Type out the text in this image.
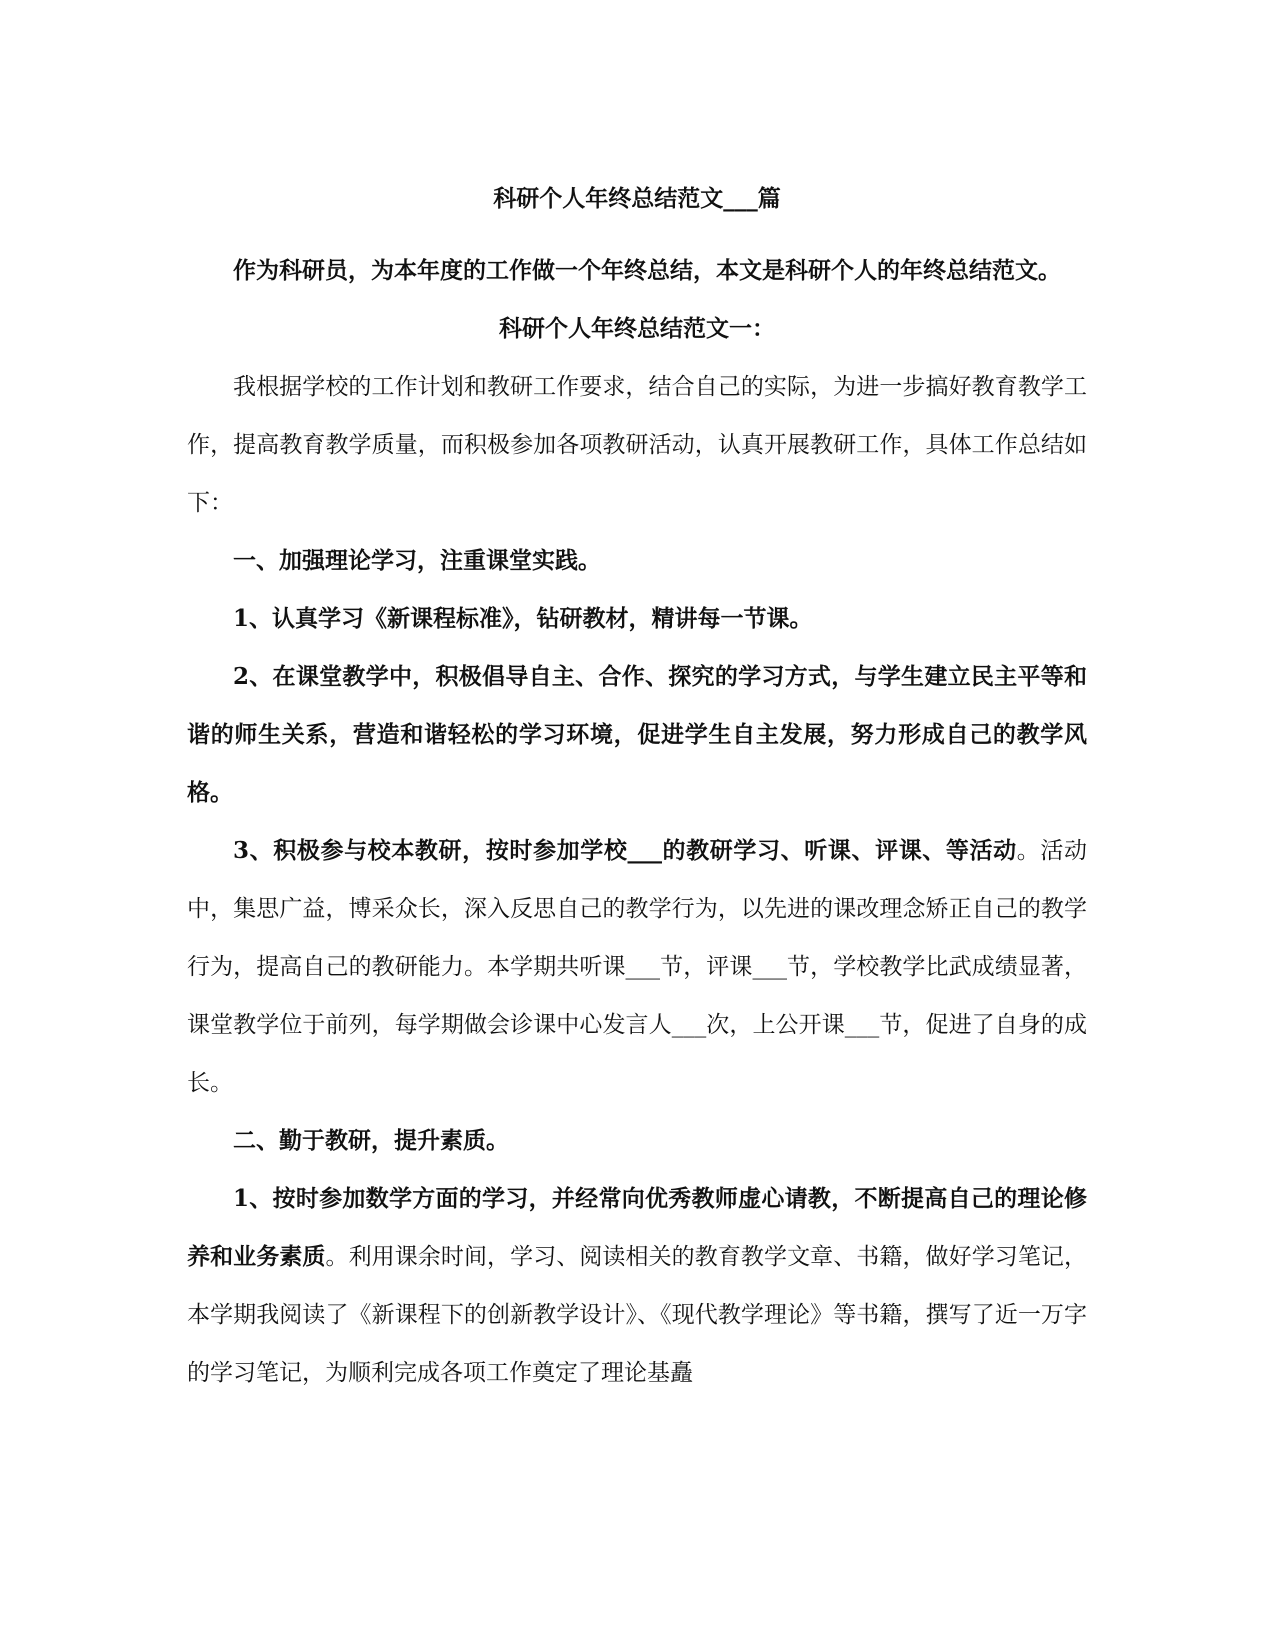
科研个人年终总结范文___篇

作为科研员，为本年度的工作做一个年终总结，本文是科研个人的年终总结范文。

科研个人年终总结范文一：

我根据学校的工作计划和教研工作要求，结合自己的实际，为进一步搞好教育教学工作，提高教育教学质量，而积极参加各项教研活动，认真开展教研工作，具体工作总结如下：

一、加强理论学习，注重课堂实践。

1、认真学习《新课程标准》，钻研教材，精讲每一节课。

2、在课堂教学中，积极倡导自主、合作、探究的学习方式，与学生建立民主平等和谐的师生关系，营造和谐轻松的学习环境，促进学生自主发展，努力形成自己的教学风格。

3、积极参与校本教研，按时参加学校___的教研学习、听课、评课、等活动。活动中，集思广益，博采众长，深入反思自己的教学行为，以先进的课改理念矫正自己的教学行为，提高自己的教研能力。本学期共听课___节，评课___节，学校教学比武成绩显著，课堂教学位于前列，每学期做会诊课中心发言人___次，上公开课___节，促进了自身的成长。

二、勤于教研，提升素质。

1、按时参加数学方面的学习，并经常向优秀教师虚心请教，不断提高自己的理论修养和业务素质。利用课余时间，学习、阅读相关的教育教学文章、书籍，做好学习笔记，本学期我阅读了《新课程下的创新教学设计》、《现代教学理论》等书籍，撰写了近一万字的学习笔记，为顺利完成各项工作奠定了理论基矗
